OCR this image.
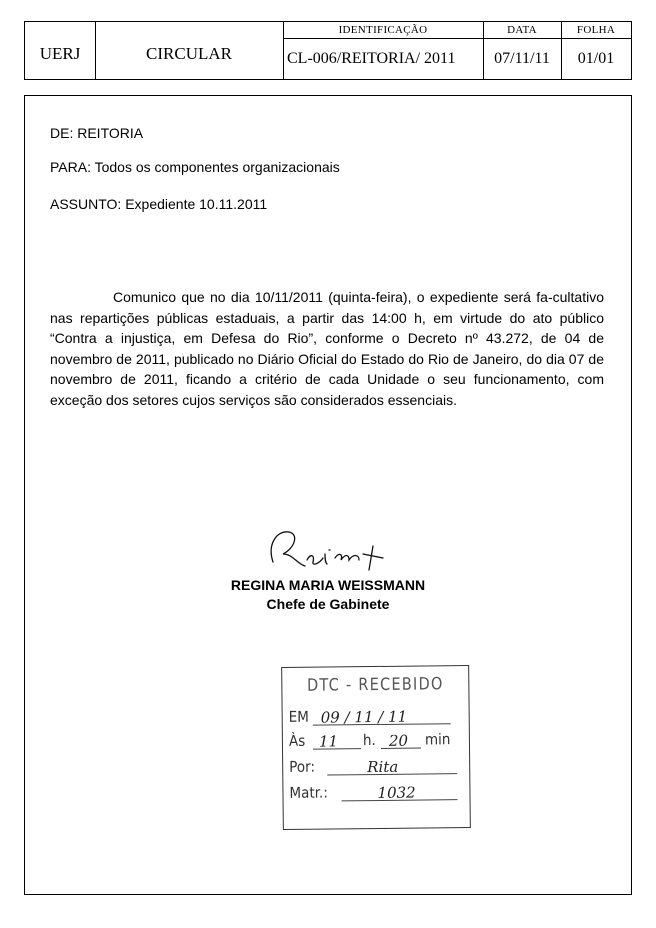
UERJ	CIRCULAR
IDENTIFICAÇÃO	DATA	FOLHA
CL-006/REITORIA/ 2011	07/11/11	01/01
DE: REITORIA
PARA: Todos os componentes organizacionais
ASSUNTO: Expediente 10.11.2011

Comunico que no dia 10/11/2011 (quinta-feira), o expediente será fa-cultativo nas repartições públicas estaduais, a partir das 14:00 h, em virtude do ato público “Contra a injustiça, em Defesa do Rio”, conforme o Decreto nº 43.272, de 04 de novembro de 2011, publicado no Diário Oficial do Estado do Rio de Janeiro, do dia 07 de novembro de 2011, ficando a critério de cada Unidade o seu funcionamento, com exceção dos setores cujos serviços são considerados essenciais.

REGINA MARIA WEISSMANN
Chefe de Gabinete
DTC - RECEBIDO
EM 09 / 11 / 11
Às 11 h. 20 min
Por:	Rita
Matr.:	1032
